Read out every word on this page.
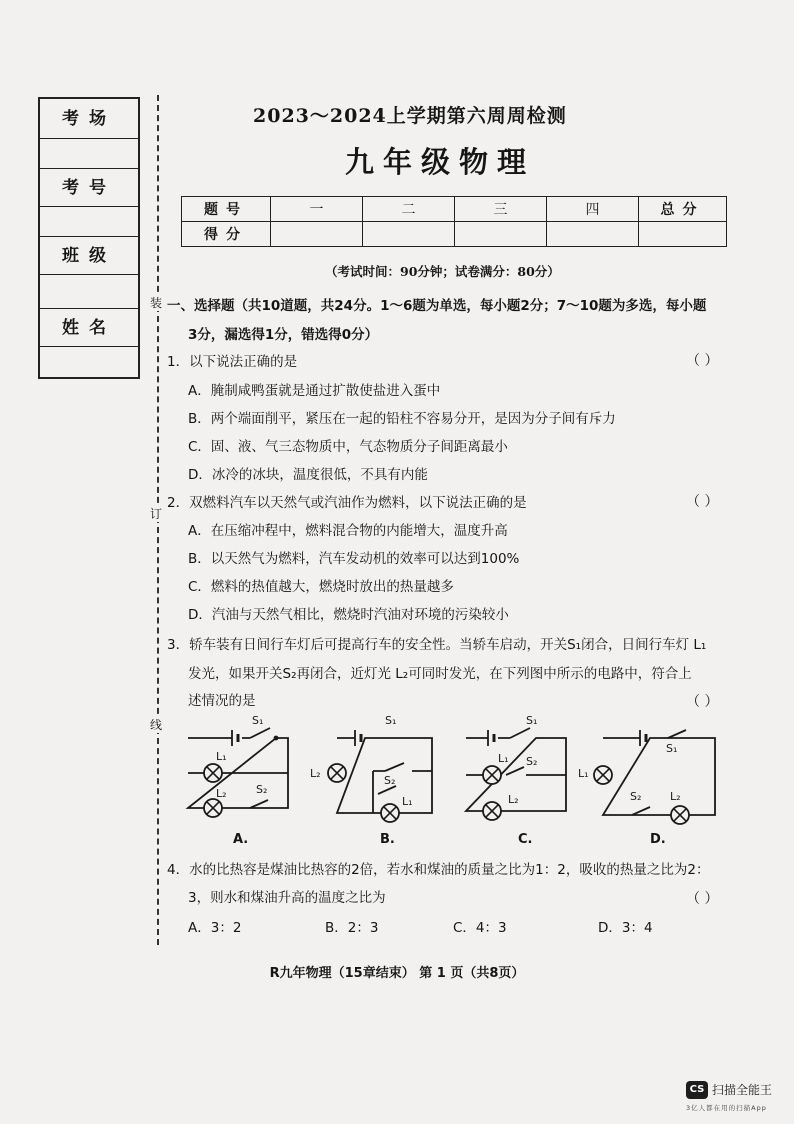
考场
考号
班级
姓名
装
订
线
2023～2024上学期第六周周检测
九年级物理
题号	一	二	三	四	总分
得分					
（考试时间：90分钟；试卷满分：80分）
一、选择题（共10道题，共24分。1～6题为单选，每小题2分；7～10题为多选，每小题
3分，漏选得1分，错选得0分）
1．以下说法正确的是	（ ）
A．腌制咸鸭蛋就是通过扩散使盐进入蛋中
B．两个端面削平，紧压在一起的铅柱不容易分开，是因为分子间有斥力
C．固、液、气三态物质中，气态物质分子间距离最小
D．冰冷的冰块，温度很低，不具有内能
2．双燃料汽车以天然气或汽油作为燃料，以下说法正确的是	（ ）
A．在压缩冲程中，燃料混合物的内能增大，温度升高
B．以天然气为燃料，汽车发动机的效率可以达到100%
C．燃料的热值越大，燃烧时放出的热量越多
D．汽油与天然气相比，燃烧时汽油对环境的污染较小
3．轿车装有日间行车灯后可提高行车的安全性。当轿车启动，开关S₁闭合，日间行车灯 L₁
发光，如果开关S₂再闭合，近灯光 L₂可同时发光，在下列图中所示的电路中，符合上
述情况的是	（ ）
S₁
L₁
L₂	S₂
S₁
L₂
S₂
L₁
S₁
L₁ S₂
L₂
S₁
L₁
L₂
S₂
A.	B.	C.	D.
4．水的比热容是煤油比热容的2倍，若水和煤油的质量之比为1：2，吸收的热量之比为2：
3，则水和煤油升高的温度之比为	（ ）
A．3：2	B．2：3	C．4：3	D．3：4
R九年物理（15章结束） 第 1 页（共8页）
CS 扫描全能王
3亿人都在用的扫描App
